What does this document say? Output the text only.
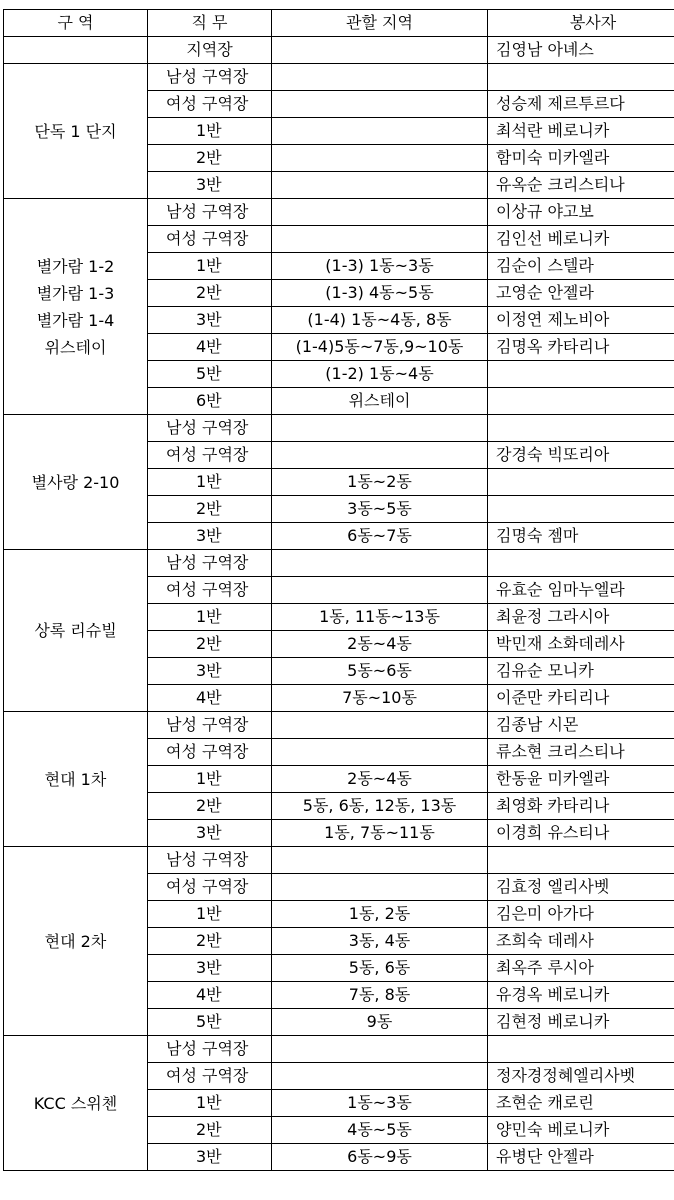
구 역	직 무	관할 지역	봉사자
	지역장		김영남 아녜스

단독 1 단지	남성 구역장		
	여성 구역장		성승제 제르투르다
	1반		최석란 베로니카
	2반		함미숙 미카엘라
	3반		유옥순 크리스티나

별가람 1-2
별가람 1-3
별가람 1-4
위스테이	남성 구역장		이상규 야고보
	여성 구역장		김인선 베로니카
	1반	(1-3) 1동~3동	김순이 스텔라
	2반	(1-3) 4동~5동	고영순 안젤라
	3반	(1-4) 1동~4동, 8동	이정연 제노비아
	4반	(1-4)5동~7동,9~10동	김명옥 카타리나
	5반	(1-2) 1동~4동	
	6반	위스테이	

별사랑 2-10	남성 구역장		
	여성 구역장		강경숙 빅또리아
	1반	1동~2동	
	2반	3동~5동	
	3반	6동~7동	김명숙 젬마

상록 리슈빌	남성 구역장		
	여성 구역장		유효순 임마누엘라
	1반	1동, 11동~13동	최윤정 그라시아
	2반	2동~4동	박민재 소화데레사
	3반	5동~6동	김유순 모니카
	4반	7동~10동	이준만 카티리나

현대 1차	남성 구역장		김종남 시몬
	여성 구역장		류소현 크리스티나
	1반	2동~4동	한동윤 미카엘라
	2반	5동, 6동, 12동, 13동	최영화 카타리나
	3반	1동, 7동~11동	이경희 유스티나

현대 2차	남성 구역장		
	여성 구역장		김효정 엘리사벳
	1반	1동, 2동	김은미 아가다
	2반	3동, 4동	조희숙 데레사
	3반	5동, 6동	최옥주 루시아
	4반	7동, 8동	유경옥 베로니카
	5반	9동	김현정 베로니카

KCC 스위첸	남성 구역장		
	여성 구역장		정자경정혜엘리사벳
	1반	1동~3동	조현순 캐로린
	2반	4동~5동	양민숙 베로니카
	3반	6동~9동	유병단 안젤라
